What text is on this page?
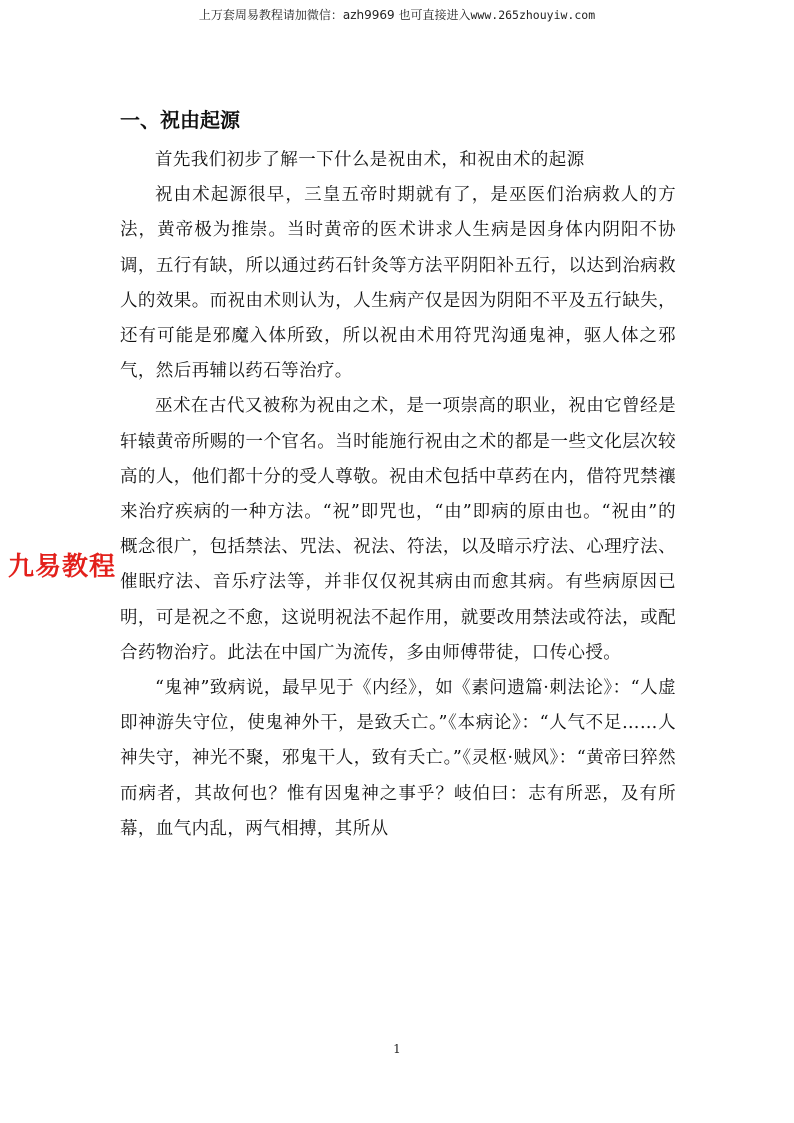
上万套周易教程请加微信：azh9969 也可直接进入www.265zhouyiw.com
一、祝由起源

首先我们初步了解一下什么是祝由术，和祝由术的起源

祝由术起源很早，三皇五帝时期就有了，是巫医们治病救人的方法，黄帝极为推崇。当时黄帝的医术讲求人生病是因身体内阴阳不协调，五行有缺，所以通过药石针灸等方法平阴阳补五行，以达到治病救人的效果。而祝由术则认为，人生病产仅是因为阴阳不平及五行缺失，还有可能是邪魔入体所致，所以祝由术用符咒沟通鬼神，驱人体之邪气，然后再辅以药石等治疗。

巫术在古代又被称为祝由之术，是一项崇高的职业，祝由它曾经是轩辕黄帝所赐的一个官名。当时能施行祝由之术的都是一些文化层次较高的人，他们都十分的受人尊敬。祝由术包括中草药在内，借符咒禁禳来治疗疾病的一种方法。“祝”即咒也，“由”即病的原由也。“祝由”的概念很广，包括禁法、咒法、祝法、符法，以及暗示疗法、心理疗法、催眠疗法、音乐疗法等，并非仅仅祝其病由而愈其病。有些病原因已明，可是祝之不愈，这说明祝法不起作用，就要改用禁法或符法，或配合药物治疗。此法在中国广为流传，多由师傅带徒，口传心授。

“鬼神”致病说，最早见于《内经》，如《素问遗篇·刺法论》：“人虚即神游失守位，使鬼神外干，是致夭亡。”《本病论》：“人气不足……人神失守，神光不聚，邪鬼干人，致有夭亡。”《灵枢·贼风》：“黄帝曰猝然而病者，其故何也？惟有因鬼神之事乎？岐伯曰：志有所恶，及有所幕，血气内乱，两气相搏，其所从

九易教程
1
